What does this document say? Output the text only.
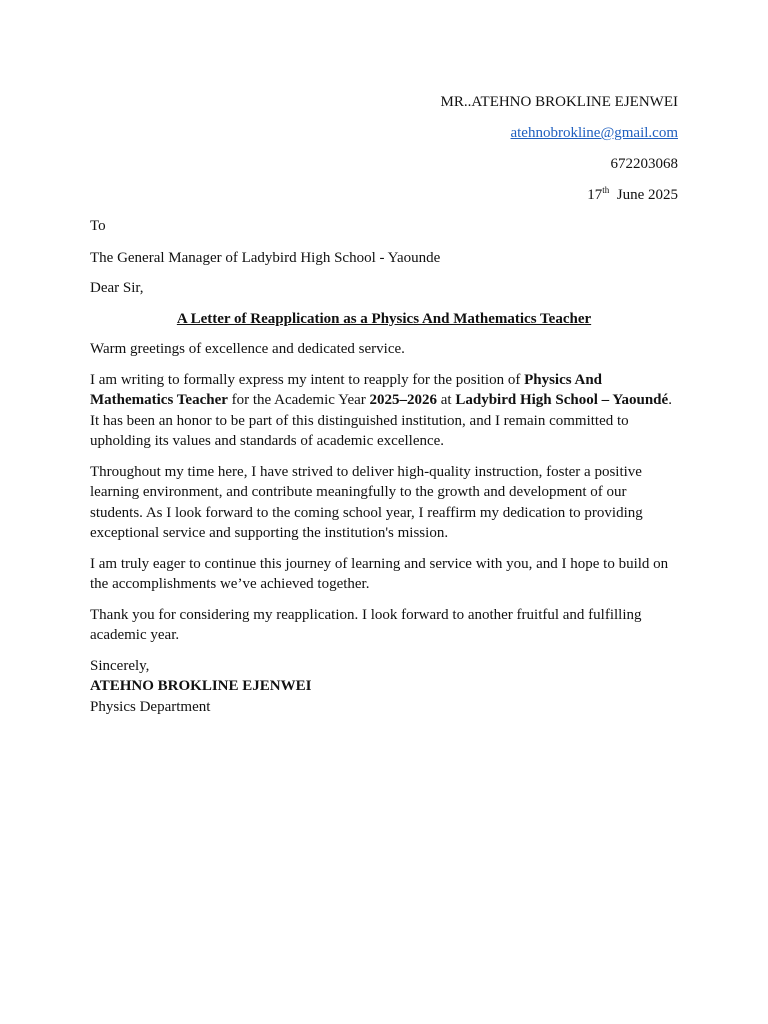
MR..ATEHNO BROKLINE EJENWEI
atehnobrokline@gmail.com
672203068
17th June 2025
To
The General Manager of Ladybird High School - Yaounde
Dear Sir,
A Letter of Reapplication as a Physics And Mathematics Teacher
Warm greetings of excellence and dedicated service.
I am writing to formally express my intent to reapply for the position of Physics And Mathematics Teacher for the Academic Year 2025–2026 at Ladybird High School – Yaoundé. It has been an honor to be part of this distinguished institution, and I remain committed to upholding its values and standards of academic excellence.
Throughout my time here, I have strived to deliver high-quality instruction, foster a positive learning environment, and contribute meaningfully to the growth and development of our students. As I look forward to the coming school year, I reaffirm my dedication to providing exceptional service and supporting the institution's mission.
I am truly eager to continue this journey of learning and service with you, and I hope to build on the accomplishments we’ve achieved together.
Thank you for considering my reapplication. I look forward to another fruitful and fulfilling academic year.
Sincerely,
ATEHNO BROKLINE EJENWEI
Physics Department
